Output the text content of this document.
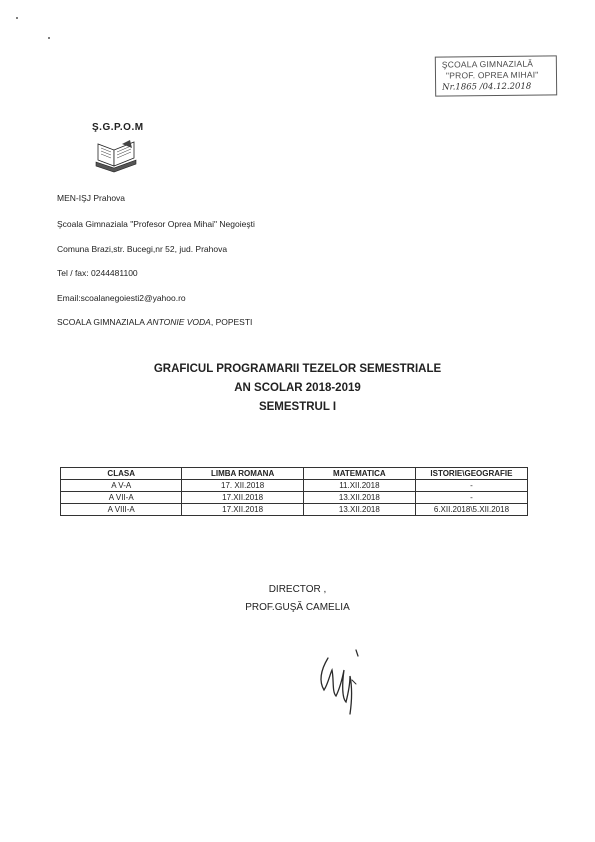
ŞCOALA GIMNAZIALĂ
"PROF. OPREA MIHAI"
Nr.1865 /04.12.2018
Ş.G.P.O.M
MEN-IŞJ Prahova
Şcoala Gimnaziala "Profesor Oprea Mihai" Negoieşti
Comuna Brazi,str. Bucegi,nr 52, jud. Prahova
Tel / fax: 0244481100
Email:scoalanegoiesti2@yahoo.ro
SCOALA GIMNAZIALA ANTONIE VODA, POPESTI
GRAFICUL PROGRAMARII TEZELOR SEMESTRIALE
AN SCOLAR 2018-2019
SEMESTRUL I
CLASA	LIMBA ROMANA	MATEMATICA	ISTORIE\GEOGRAFIE
A V-A	17. XII.2018	11.XII.2018	-
A VII-A	17.XII.2018	13.XII.2018	-
A VIII-A	17.XII.2018	13.XII.2018	6.XII.2018\5.XII.2018
DIRECTOR ,
PROF.GUŞĂ CAMELIA
